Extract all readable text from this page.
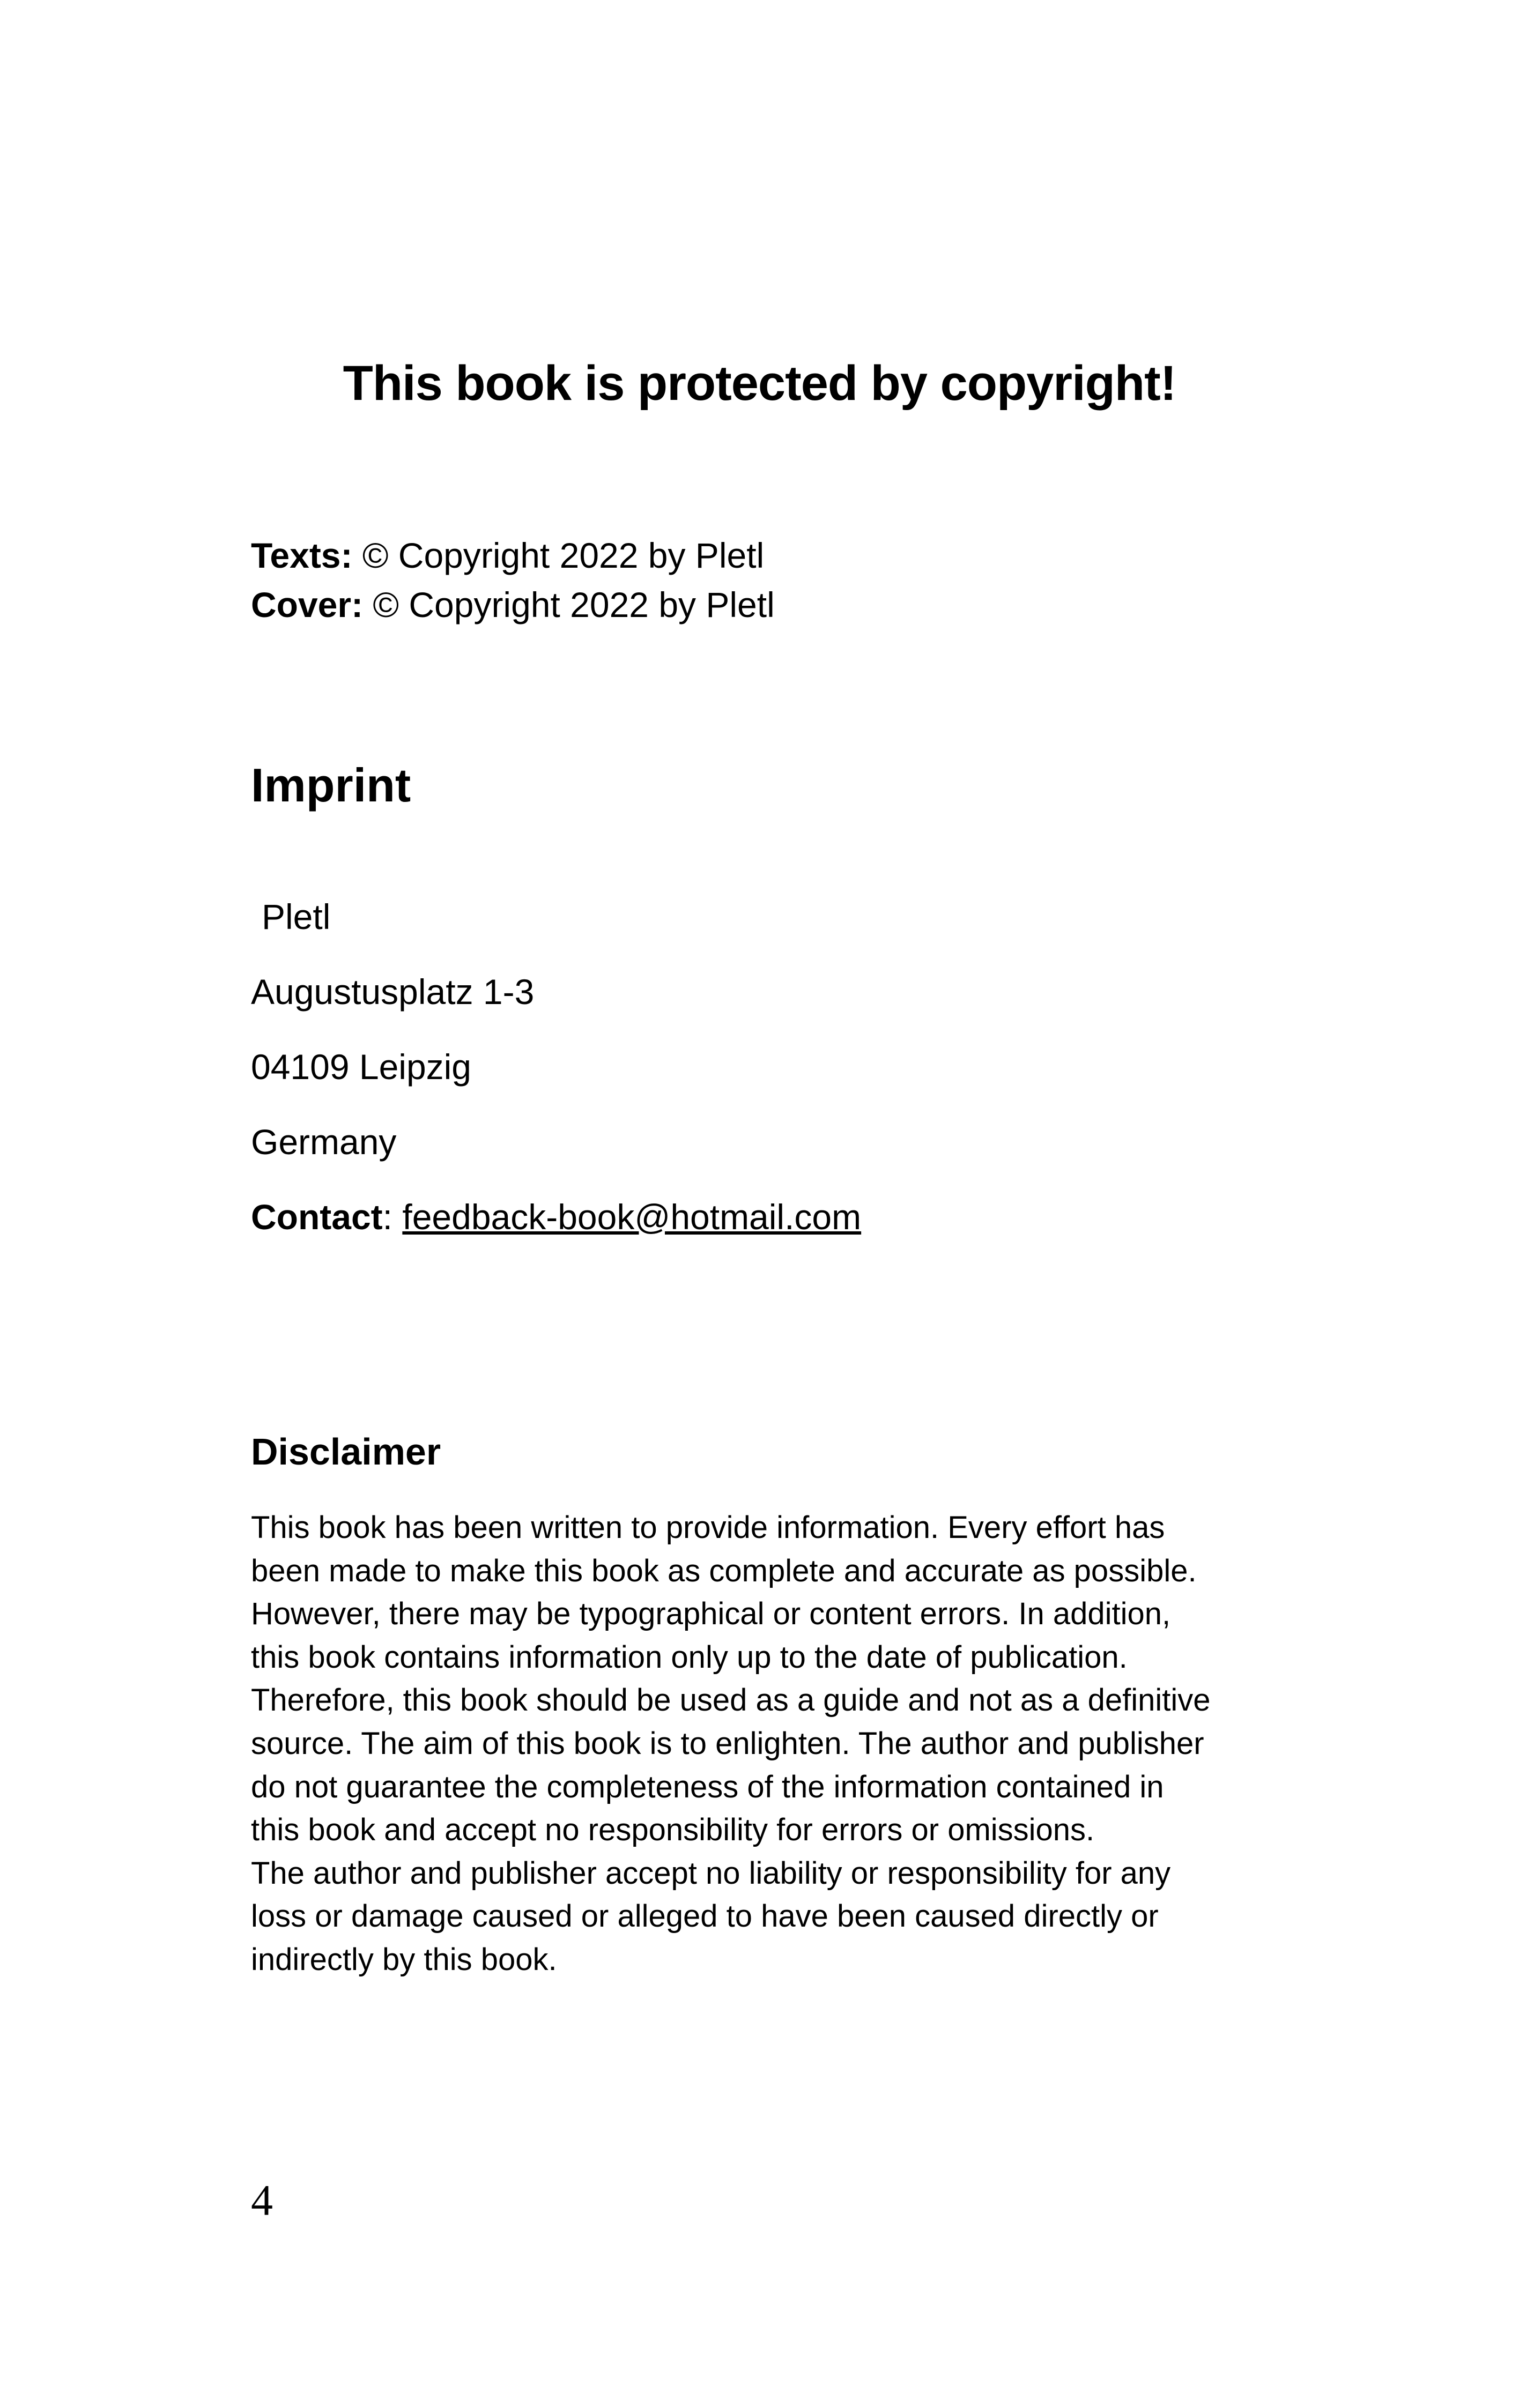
This book is protected by copyright!
Texts: © Copyright 2022 by Pletl
Cover: © Copyright 2022 by Pletl
Imprint
Pletl
Augustusplatz 1-3
04109 Leipzig
Germany
Contact: feedback-book@hotmail.com
Disclaimer
This book has been written to provide information. Every effort has
been made to make this book as complete and accurate as possible.
However, there may be typographical or content errors. In addition,
this book contains information only up to the date of publication.
Therefore, this book should be used as a guide and not as a definitive
source. The aim of this book is to enlighten. The author and publisher
do not guarantee the completeness of the information contained in
this book and accept no responsibility for errors or omissions.
The author and publisher accept no liability or responsibility for any
loss or damage caused or alleged to have been caused directly or
indirectly by this book.
4
